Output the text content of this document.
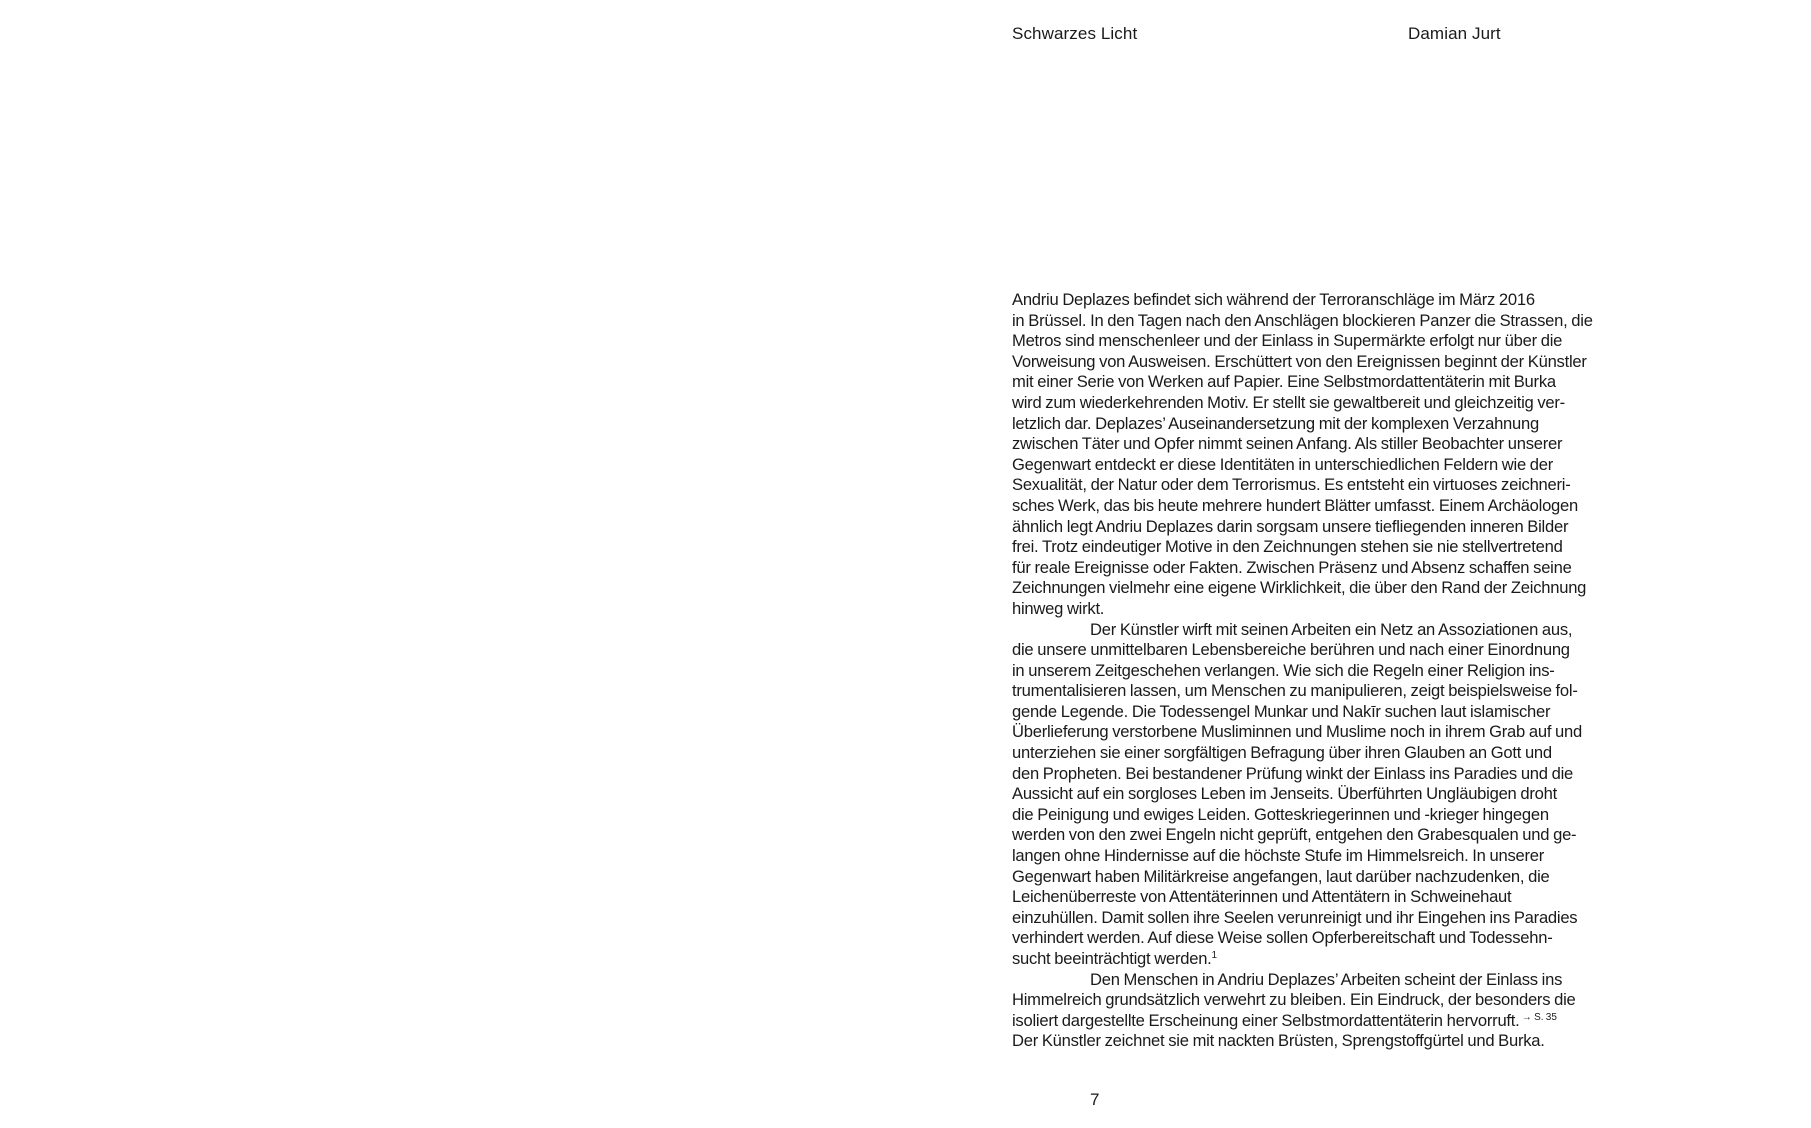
Schwarzes Licht	Damian Jurt
Andriu Deplazes befindet sich während der Terroranschläge im März 2016
in Brüssel. In den Tagen nach den Anschlägen blockieren Panzer die Strassen, die
Metros sind menschenleer und der Einlass in Supermärkte erfolgt nur über die
Vorweisung von Ausweisen. Erschüttert von den Ereignissen beginnt der Künstler
mit einer Serie von Werken auf Papier. Eine Selbstmordattentäterin mit Burka
wird zum wiederkehrenden Motiv. Er stellt sie gewaltbereit und gleichzeitig ver-
letzlich dar. Deplazes’ Auseinandersetzung mit der komplexen Verzahnung
zwischen Täter und Opfer nimmt seinen Anfang. Als stiller Beobachter unserer
Gegenwart entdeckt er diese Identitäten in unterschiedlichen Feldern wie der
Sexualität, der Natur oder dem Terrorismus. Es entsteht ein virtuoses zeichneri-
sches Werk, das bis heute mehrere hundert Blätter umfasst. Einem Archäologen
ähnlich legt Andriu Deplazes darin sorgsam unsere tiefliegenden inneren Bilder
frei. Trotz eindeutiger Motive in den Zeichnungen stehen sie nie stellvertretend
für reale Ereignisse oder Fakten. Zwischen Präsenz und Absenz schaffen seine
Zeichnungen vielmehr eine eigene Wirklichkeit, die über den Rand der Zeichnung
hinweg wirkt.
Der Künstler wirft mit seinen Arbeiten ein Netz an Assoziationen aus,
die unsere unmittelbaren Lebensbereiche berühren und nach einer Einordnung
in unserem Zeitgeschehen verlangen. Wie sich die Regeln einer Religion ins-
trumentalisieren lassen, um Menschen zu manipulieren, zeigt beispielsweise fol-
gende Legende. Die Todessengel Munkar und Nakīr suchen laut islamischer
Überlieferung verstorbene Musliminnen und Muslime noch in ihrem Grab auf und
unterziehen sie einer sorgfältigen Befragung über ihren Glauben an Gott und
den Propheten. Bei bestandener Prüfung winkt der Einlass ins Paradies und die
Aussicht auf ein sorgloses Leben im Jenseits. Überführten Ungläubigen droht
die Peinigung und ewiges Leiden. Gotteskriegerinnen und -krieger hingegen
werden von den zwei Engeln nicht geprüft, entgehen den Grabesqualen und ge-
langen ohne Hindernisse auf die höchste Stufe im Himmelsreich. In unserer
Gegenwart haben Militärkreise angefangen, laut darüber nachzudenken, die
Leichenüberreste von Attentäterinnen und Attentätern in Schweinehaut
einzuhüllen. Damit sollen ihre Seelen verunreinigt und ihr Eingehen ins Paradies
verhindert werden. Auf diese Weise sollen Opferbereitschaft und Todessehn-
sucht beeinträchtigt werden.$^1$
Den Menschen in Andriu Deplazes’ Arbeiten scheint der Einlass ins
Himmelreich grundsätzlich verwehrt zu bleiben. Ein Eindruck, der besonders die
isoliert dargestellte Erscheinung einer Selbstmordattentäterin hervorruft. $^{\to S. 35}$
Der Künstler zeichnet sie mit nackten Brüsten, Sprengstoffgürtel und Burka.
7
